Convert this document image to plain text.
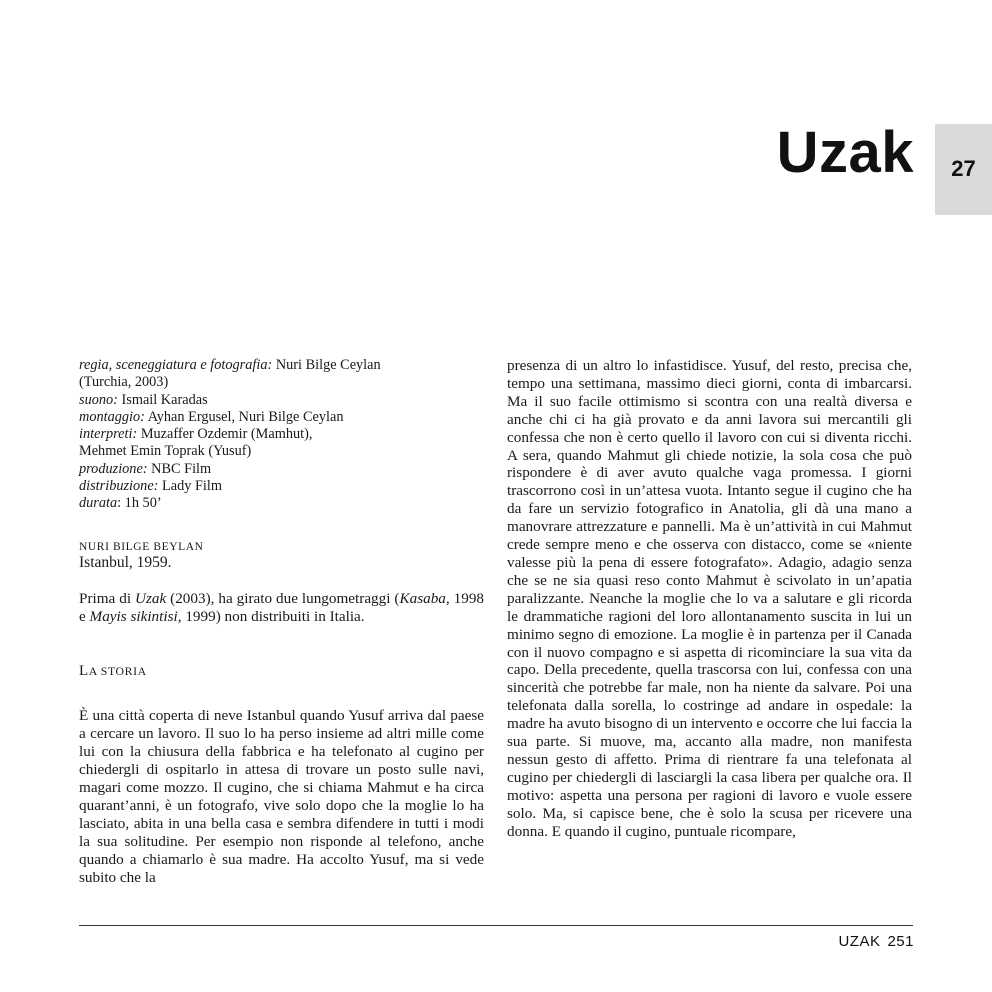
Uzak	27
regia, sceneggiatura e fotografia: Nuri Bilge Ceylan
(Turchia, 2003)
suono: Ismail Karadas
montaggio: Ayhan Ergusel, Nuri Bilge Ceylan
interpreti: Muzaffer Ozdemir (Mamhut),
Mehmet Emin Toprak (Yusuf)
produzione: NBC Film
distribuzione: Lady Film
durata: 1h 50’
NURI BILGE BEYLAN
Istanbul, 1959.
Prima di Uzak (2003), ha girato due lungometraggi (Kasaba, 1998 e Mayis sikintisi, 1999) non distribuiti in Italia.
LA STORIA
È una città coperta di neve Istanbul quando Yusuf arriva dal paese a cercare un lavoro. Il suo lo ha perso insieme ad altri mille come lui con la chiusura della fabbrica e ha telefonato al cugino per chiedergli di ospitarlo in attesa di trovare un posto sulle navi, magari come mozzo. Il cugino, che si chiama Mahmut e ha circa quarant’anni, è un fotografo, vive solo dopo che la moglie lo ha lasciato, abita in una bella casa e sembra difendere in tutti i modi la sua solitudine. Per esempio non risponde al telefono, anche quando a chiamarlo è sua madre. Ha accolto Yusuf, ma si vede subito che la
presenza di un altro lo infastidisce. Yusuf, del resto, precisa che, tempo una settimana, massimo dieci giorni, conta di imbarcarsi. Ma il suo facile ottimismo si scontra con una realtà diversa e anche chi ci ha già provato e da anni lavora sui mercantili gli confessa che non è certo quello il lavoro con cui si diventa ricchi. A sera, quando Mahmut gli chiede notizie, la sola cosa che può rispondere è di aver avuto qualche vaga promessa. I giorni trascorrono così in un’attesa vuota. Intanto segue il cugino che ha da fare un servizio fotografico in Anatolia, gli dà una mano a manovrare attrezzature e pannelli. Ma è un’attività in cui Mahmut crede sempre meno e che osserva con distacco, come se «niente valesse più la pena di essere fotografato». Adagio, adagio senza che se ne sia quasi reso conto Mahmut è scivolato in un’apatia paralizzante. Neanche la moglie che lo va a salutare e gli ricorda le drammatiche ragioni del loro allontanamento suscita in lui un minimo segno di emozione. La moglie è in partenza per il Canada con il nuovo compagno e si aspetta di ricominciare la sua vita da capo. Della precedente, quella trascorsa con lui, confessa con una sincerità che potrebbe far male, non ha niente da salvare. Poi una telefonata dalla sorella, lo costringe ad andare in ospedale: la madre ha avuto bisogno di un intervento e occorre che lui faccia la sua parte. Si muove, ma, accanto alla madre, non manifesta nessun gesto di affetto. Prima di rientrare fa una telefonata al cugino per chiedergli di lasciargli la casa libera per qualche ora. Il motivo: aspetta una persona per ragioni di lavoro e vuole essere solo. Ma, si capisce bene, che è solo la scusa per ricevere una donna. E quando il cugino, puntuale ricompare,
UZAK 251
